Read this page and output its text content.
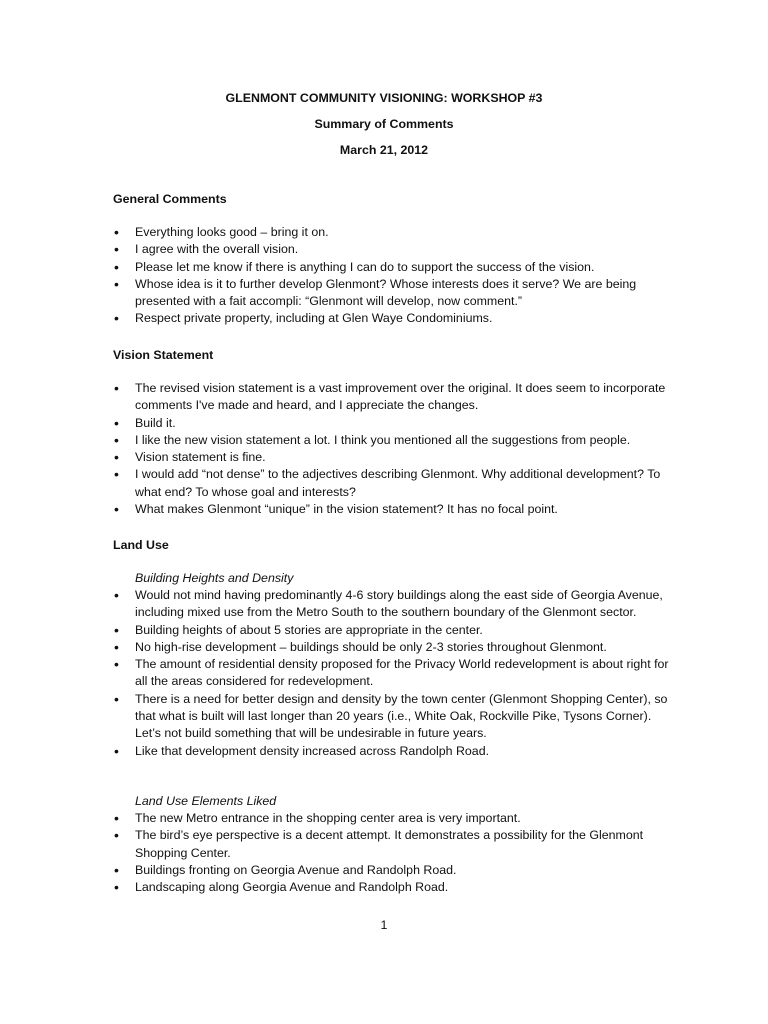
GLENMONT COMMUNITY VISIONING: WORKSHOP #3
Summary of Comments
March 21, 2012
General Comments
• Everything looks good – bring it on.
• I agree with the overall vision.
• Please let me know if there is anything I can do to support the success of the vision.
• Whose idea is it to further develop Glenmont? Whose interests does it serve? We are being presented with a fait accompli: “Glenmont will develop, now comment.”
• Respect private property, including at Glen Waye Condominiums.
Vision Statement
• The revised vision statement is a vast improvement over the original. It does seem to incorporate comments I've made and heard, and I appreciate the changes.
• Build it.
• I like the new vision statement a lot. I think you mentioned all the suggestions from people.
• Vision statement is fine.
• I would add “not dense” to the adjectives describing Glenmont. Why additional development? To what end? To whose goal and interests?
• What makes Glenmont “unique” in the vision statement? It has no focal point.
Land Use
Building Heights and Density
• Would not mind having predominantly 4-6 story buildings along the east side of Georgia Avenue, including mixed use from the Metro South to the southern boundary of the Glenmont sector.
• Building heights of about 5 stories are appropriate in the center.
• No high-rise development – buildings should be only 2-3 stories throughout Glenmont.
• The amount of residential density proposed for the Privacy World redevelopment is about right for all the areas considered for redevelopment.
• There is a need for better design and density by the town center (Glenmont Shopping Center), so that what is built will last longer than 20 years (i.e., White Oak, Rockville Pike, Tysons Corner). Let’s not build something that will be undesirable in future years.
• Like that development density increased across Randolph Road.
Land Use Elements Liked
• The new Metro entrance in the shopping center area is very important.
• The bird’s eye perspective is a decent attempt. It demonstrates a possibility for the Glenmont Shopping Center.
• Buildings fronting on Georgia Avenue and Randolph Road.
• Landscaping along Georgia Avenue and Randolph Road.
1
